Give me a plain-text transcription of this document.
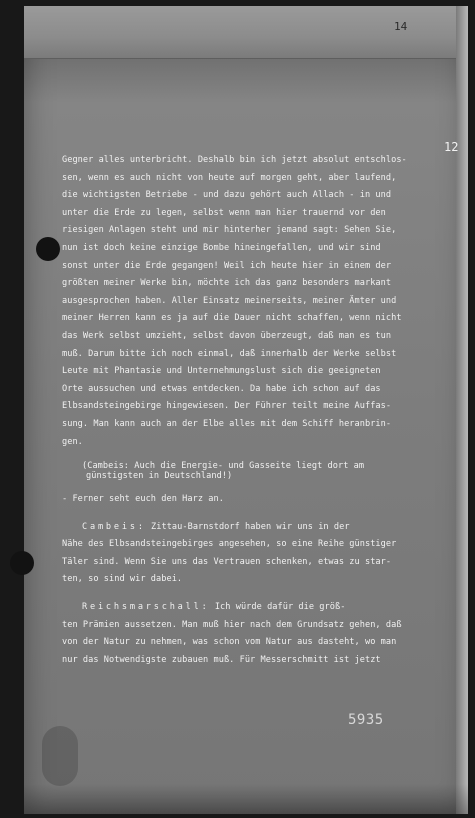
14
12
Gegner alles unterbricht. Deshalb bin ich jetzt absolut entschlos-
sen, wenn es auch nicht von heute auf morgen geht, aber laufend,
die wichtigsten Betriebe - und dazu gehört auch Allach - in und
unter die Erde zu legen, selbst wenn man hier trauernd vor den
riesigen Anlagen steht und mir hinterher jemand sagt: Sehen Sie,
nun ist doch keine einzige Bombe hineingefallen, und wir sind
sonst unter die Erde gegangen! Weil ich heute hier in einem der
größten meiner Werke bin, möchte ich das ganz besonders markant
ausgesprochen haben. Aller Einsatz meinerseits, meiner Ämter und
meiner Herren kann es ja auf die Dauer nicht schaffen, wenn nicht
das Werk selbst umzieht, selbst davon überzeugt, daß man es tun
muß. Darum bitte ich noch einmal, daß innerhalb der Werke selbst
Leute mit Phantasie und Unternehmungslust sich die geeigneten
Orte aussuchen und etwas entdecken. Da habe ich schon auf das
Elbsandsteingebirge hingewiesen. Der Führer teilt meine Auffas-
sung. Man kann auch an der Elbe alles mit dem Schiff heranbrin-
gen.
(Cambeis: Auch die Energie- und Gasseite liegt dort am
günstigsten in Deutschland!)
- Ferner seht euch den Harz an.
Cambeis: Zittau-Barnstdorf haben wir uns in der
Nähe des Elbsandsteingebirges angesehen, so eine Reihe günstiger
Täler sind. Wenn Sie uns das Vertrauen schenken, etwas zu star-
ten, so sind wir dabei.
Reichsmarschall: Ich würde dafür die größ-
ten Prämien aussetzen. Man muß hier nach dem Grundsatz gehen, daß
von der Natur zu nehmen, was schon vom Natur aus dasteht, wo man
nur das Notwendigste zubauen muß. Für Messerschmitt ist jetzt
5935
